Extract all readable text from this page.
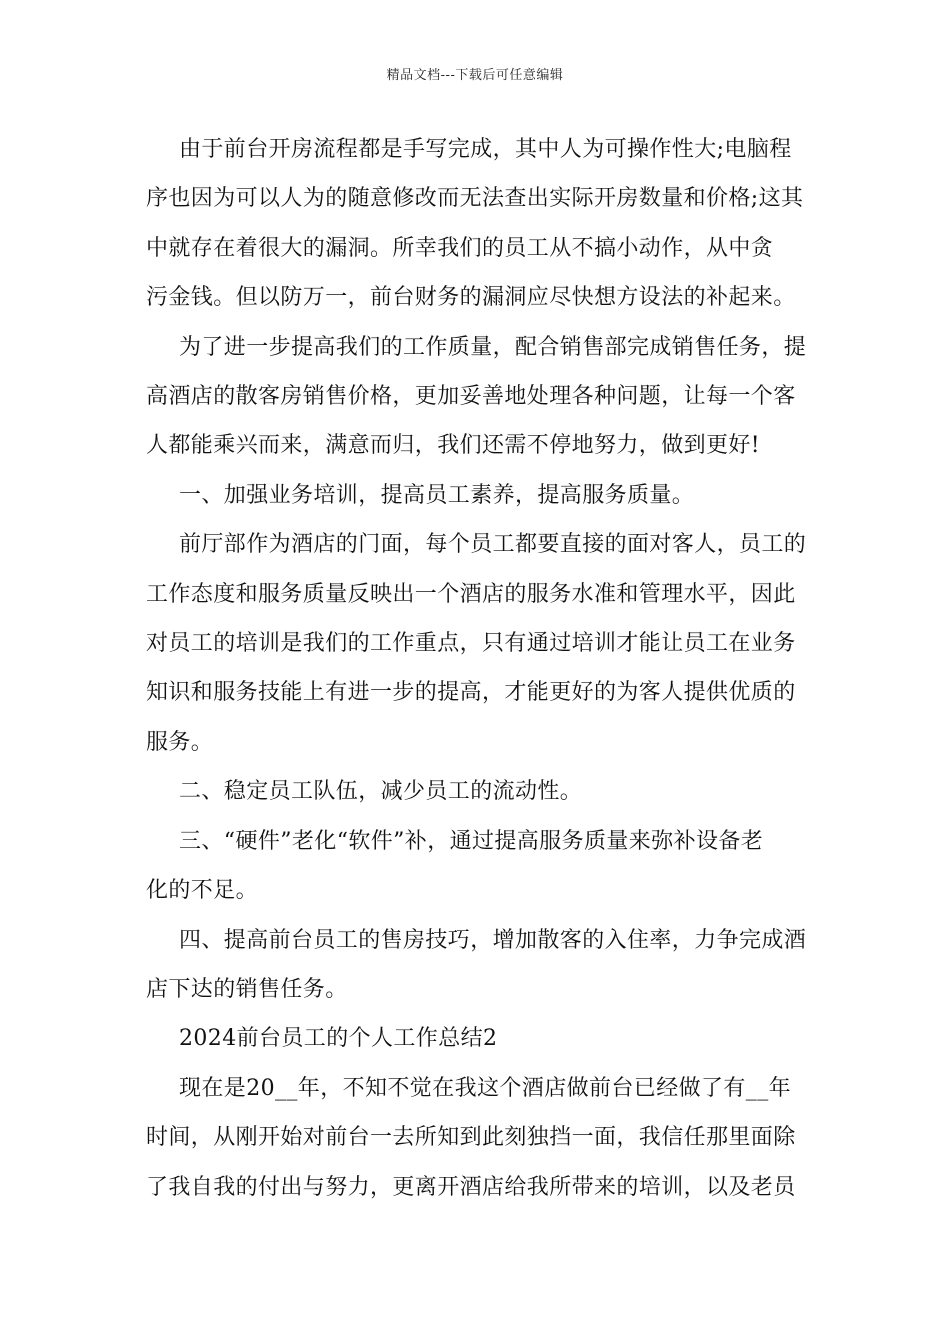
精品文档---下载后可任意编辑

由于前台开房流程都是手写完成，其中人为可操作性大;电脑程
序也因为可以人为的随意修改而无法查出实际开房数量和价格;这其
中就存在着很大的漏洞。所幸我们的员工从不搞小动作，从中贪
污金钱。但以防万一，前台财务的漏洞应尽快想方设法的补起来。

为了进一步提高我们的工作质量，配合销售部完成销售任务，提
高酒店的散客房销售价格，更加妥善地处理各种问题，让每一个客
人都能乘兴而来，满意而归，我们还需不停地努力，做到更好!

一、加强业务培训，提高员工素养，提高服务质量。

前厅部作为酒店的门面，每个员工都要直接的面对客人，员工的
工作态度和服务质量反映出一个酒店的服务水准和管理水平，因此
对员工的培训是我们的工作重点，只有通过培训才能让员工在业务
知识和服务技能上有进一步的提高，才能更好的为客人提供优质的
服务。

二、稳定员工队伍，减少员工的流动性。

三、“硬件”老化“软件”补，通过提高服务质量来弥补设备老
化的不足。

四、提高前台员工的售房技巧，增加散客的入住率，力争完成酒
店下达的销售任务。

2024前台员工的个人工作总结2

现在是20__年，不知不觉在我这个酒店做前台已经做了有__年
时间，从刚开始对前台一去所知到此刻独挡一面，我信任那里面除
了我自我的付出与努力，更离开酒店给我所带来的培训，以及老员
